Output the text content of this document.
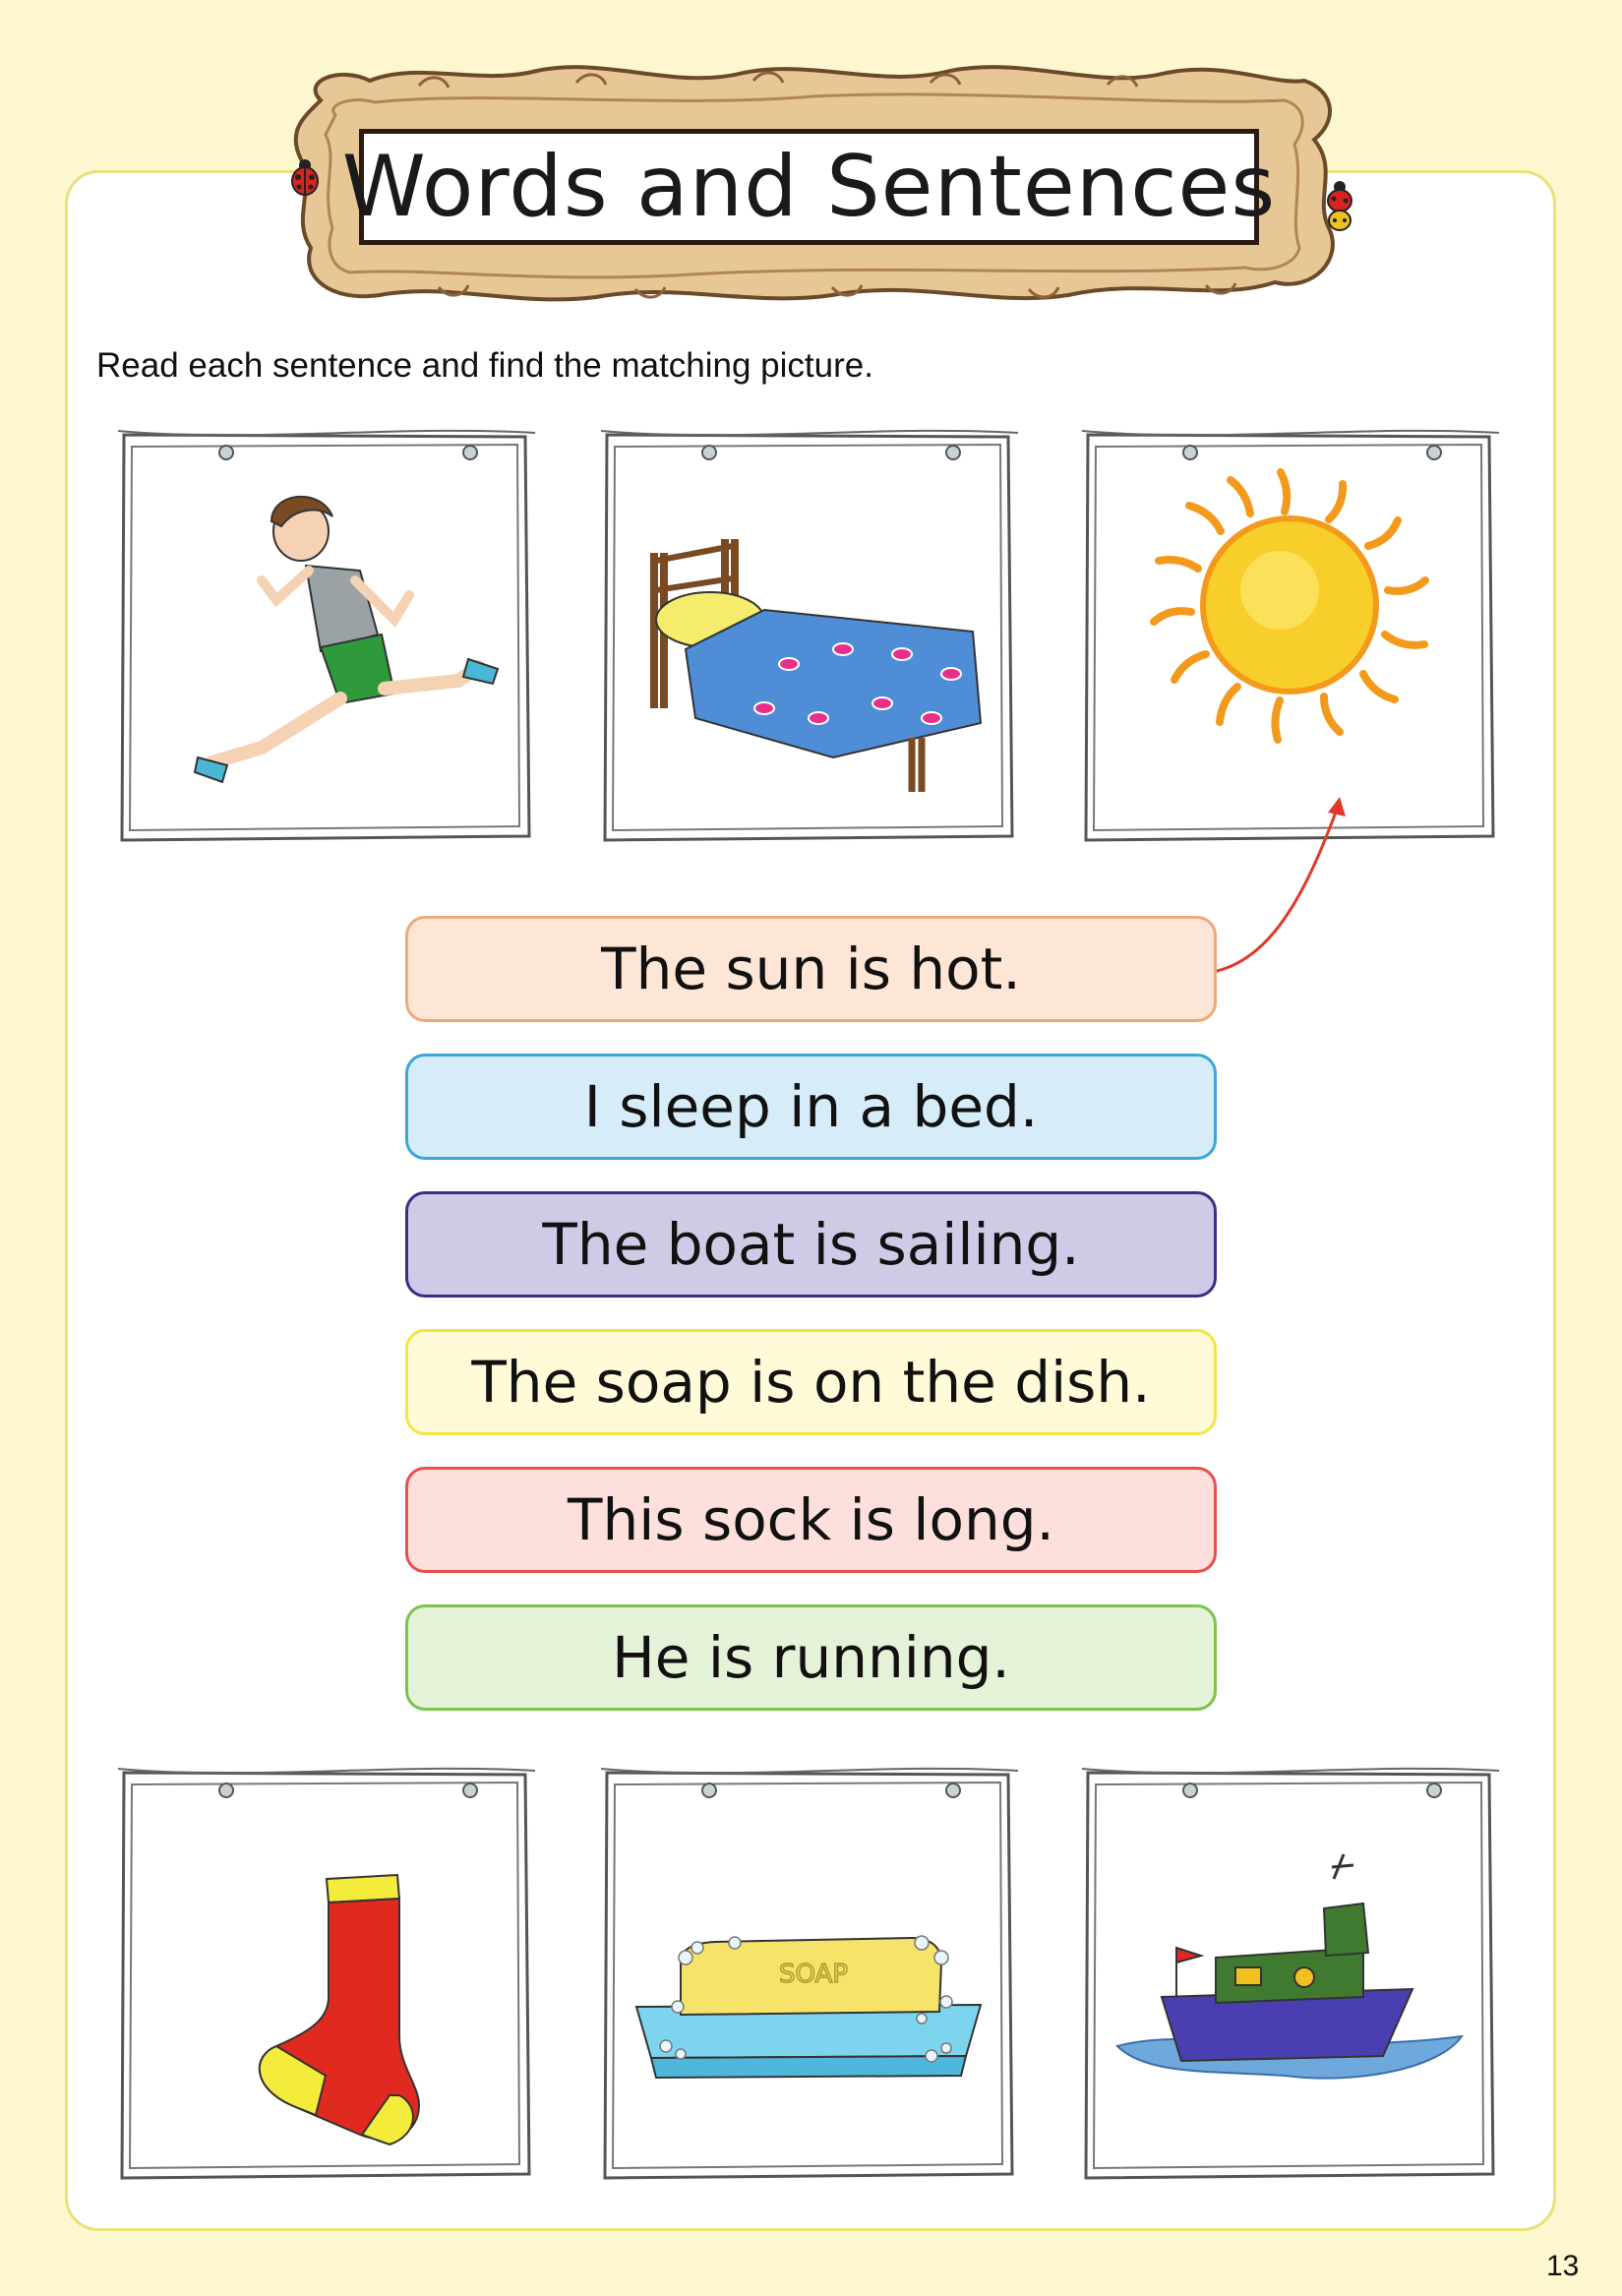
Words and Sentences
Read each sentence and find the matching picture.
The sun is hot.
I sleep in a bed.
The boat is sailing.
The soap is on the dish.
This sock is long.
He is running.
SOAP
13
